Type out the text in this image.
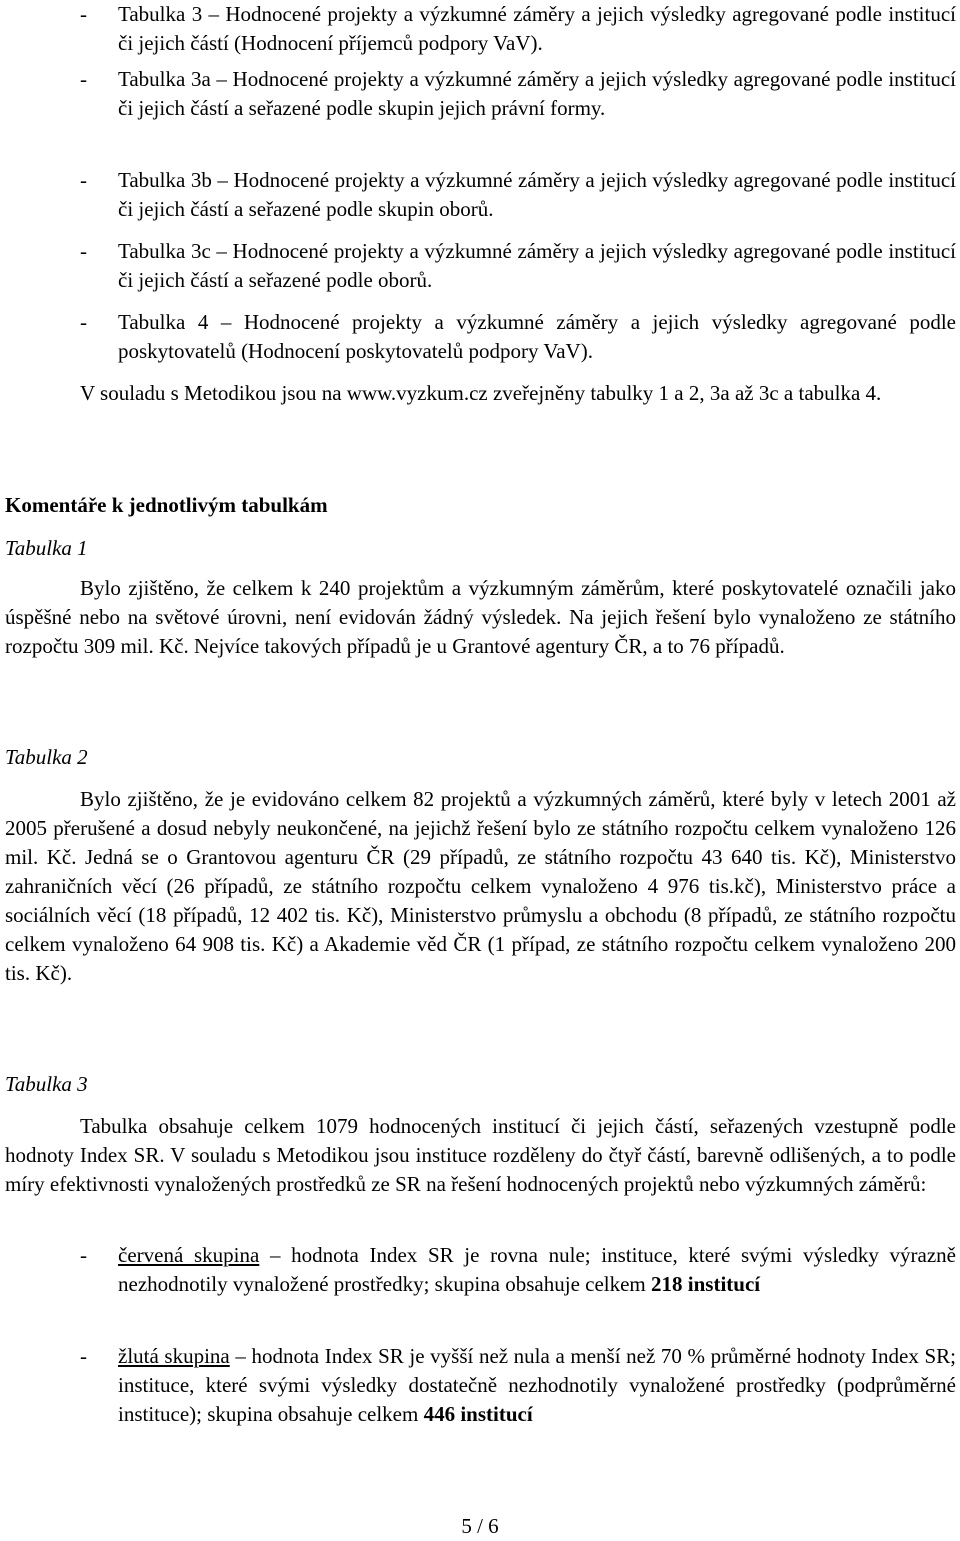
- Tabulka 3 – Hodnocené projekty a výzkumné záměry a jejich výsledky agregované podle institucí či jejich částí (Hodnocení příjemců podpory VaV).
- Tabulka 3a – Hodnocené projekty a výzkumné záměry a jejich výsledky agregované podle institucí či jejich částí a seřazené podle skupin jejich právní formy.
- Tabulka 3b – Hodnocené projekty a výzkumné záměry a jejich výsledky agregované podle institucí či jejich částí a seřazené podle skupin oborů.
- Tabulka 3c – Hodnocené projekty a výzkumné záměry a jejich výsledky agregované podle institucí či jejich částí a seřazené podle oborů.
- Tabulka 4 – Hodnocené projekty a výzkumné záměry a jejich výsledky agregované podle poskytovatelů (Hodnocení poskytovatelů podpory VaV).
V souladu s Metodikou jsou na www.vyzkum.cz zveřejněny tabulky 1 a 2, 3a až 3c a tabulka 4.
Komentáře k jednotlivým tabulkám
Tabulka 1
Bylo zjištěno, že celkem k 240 projektům a výzkumným záměrům, které poskytovatelé označili jako úspěšné nebo na světové úrovni, není evidován žádný výsledek. Na jejich řešení bylo vynaloženo ze státního rozpočtu 309 mil. Kč. Nejvíce takových případů je u Grantové agentury ČR, a to 76 případů.
Tabulka 2
Bylo zjištěno, že je evidováno celkem 82 projektů a výzkumných záměrů, které byly v letech 2001 až 2005 přerušené a dosud nebyly neukončené, na jejichž řešení bylo ze státního rozpočtu celkem vynaloženo 126 mil. Kč. Jedná se o Grantovou agenturu ČR (29 případů, ze státního rozpočtu 43 640 tis. Kč), Ministerstvo zahraničních věcí (26 případů, ze státního rozpočtu celkem vynaloženo 4 976 tis.kč), Ministerstvo práce a sociálních věcí (18 případů, 12 402 tis. Kč), Ministerstvo průmyslu a obchodu (8 případů, ze státního rozpočtu celkem vynaloženo 64 908 tis. Kč) a Akademie věd ČR (1 případ, ze státního rozpočtu celkem vynaloženo 200 tis. Kč).
Tabulka 3
Tabulka obsahuje celkem 1079 hodnocených institucí či jejich částí, seřazených vzestupně podle hodnoty Index SR. V souladu s Metodikou jsou instituce rozděleny do čtyř částí, barevně odlišených, a to podle míry efektivnosti vynaložených prostředků ze SR na řešení hodnocených projektů nebo výzkumných záměrů:
- červená skupina – hodnota Index SR je rovna nule; instituce, které svými výsledky výrazně nezhodnotily vynaložené prostředky; skupina obsahuje celkem 218 institucí
- žlutá skupina – hodnota Index SR je vyšší než nula a menší než 70 % průměrné hodnoty Index SR; instituce, které svými výsledky dostatečně nezhodnotily vynaložené prostředky (podprůměrné instituce); skupina obsahuje celkem 446 institucí
5 / 6
